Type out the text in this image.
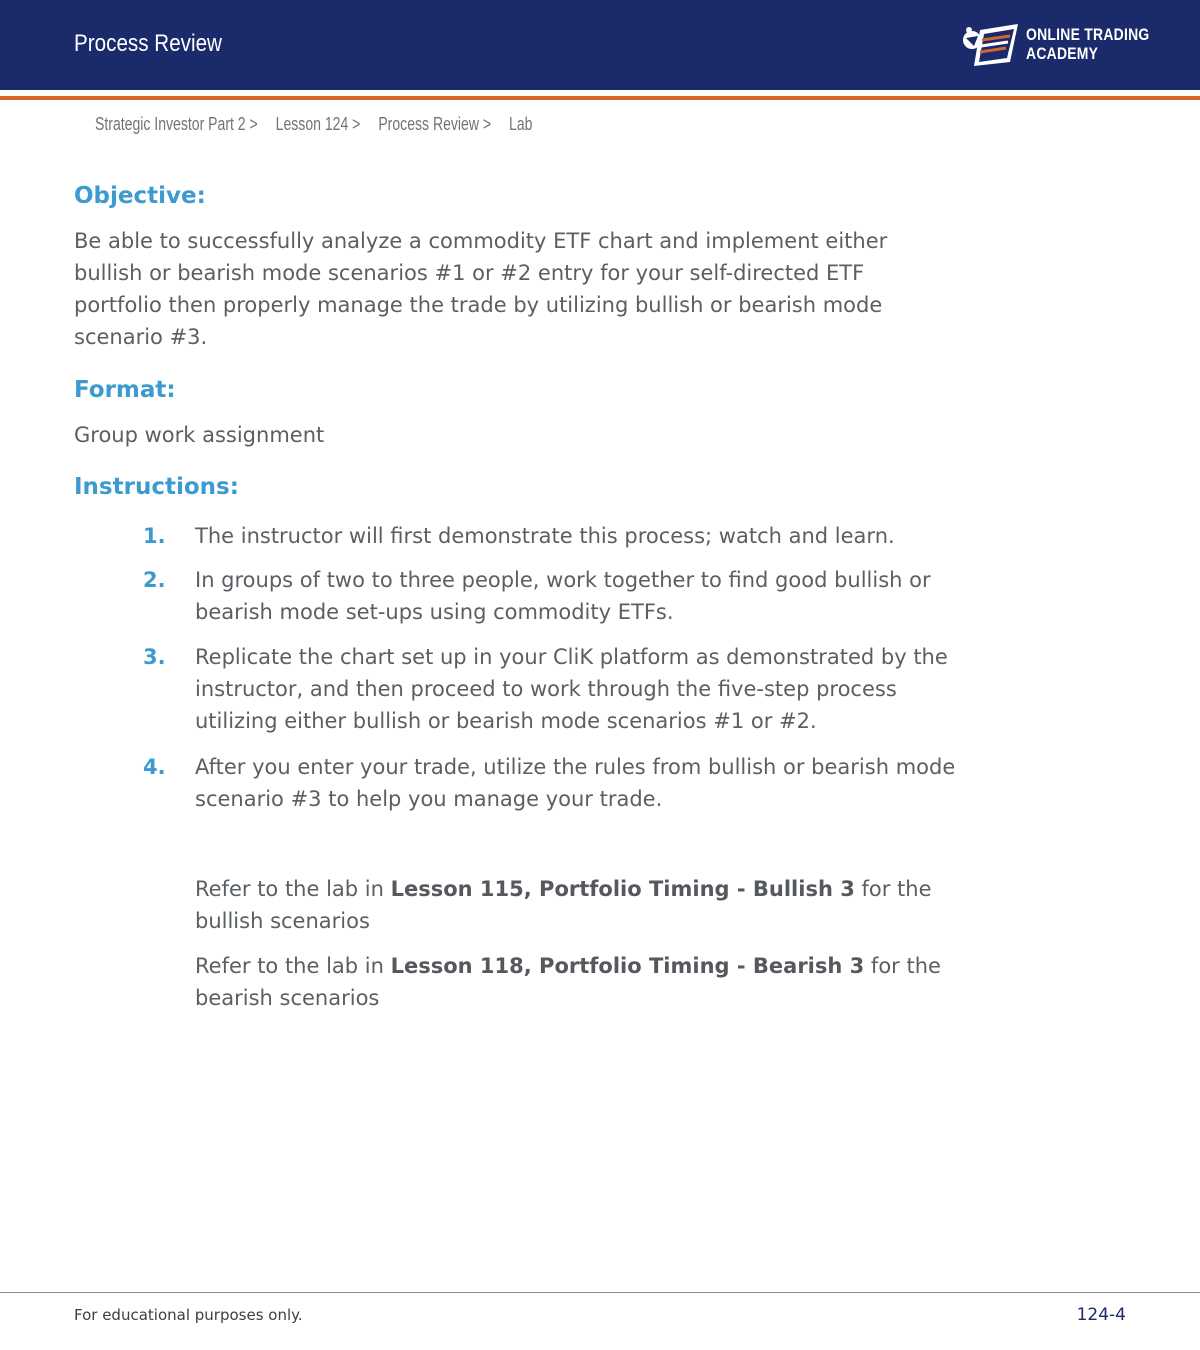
Process Review	ONLINE TRADING
ACADEMY
Strategic Investor Part 2 > Lesson 124 > Process Review > Lab
Objective:

Be able to successfully analyze a commodity ETF chart and implement either bullish or bearish mode scenarios #1 or #2 entry for your self-directed ETF portfolio then properly manage the trade by utilizing bullish or bearish mode scenario #3.

Format:

Group work assignment

Instructions:
1. The instructor will first demonstrate this process; watch and learn.
2. In groups of two to three people, work together to find good bullish or bearish mode set-ups using commodity ETFs.
3. Replicate the chart set up in your CliK platform as demonstrated by the instructor, and then proceed to work through the five-step process utilizing either bullish or bearish mode scenarios #1 or #2.
4. After you enter your trade, utilize the rules from bullish or bearish mode scenario #3 to help you manage your trade.

Refer to the lab in Lesson 115, Portfolio Timing - Bullish 3 for the bullish scenarios

Refer to the lab in Lesson 118, Portfolio Timing - Bearish 3 for the bearish scenarios

For educational purposes only.	124-4
